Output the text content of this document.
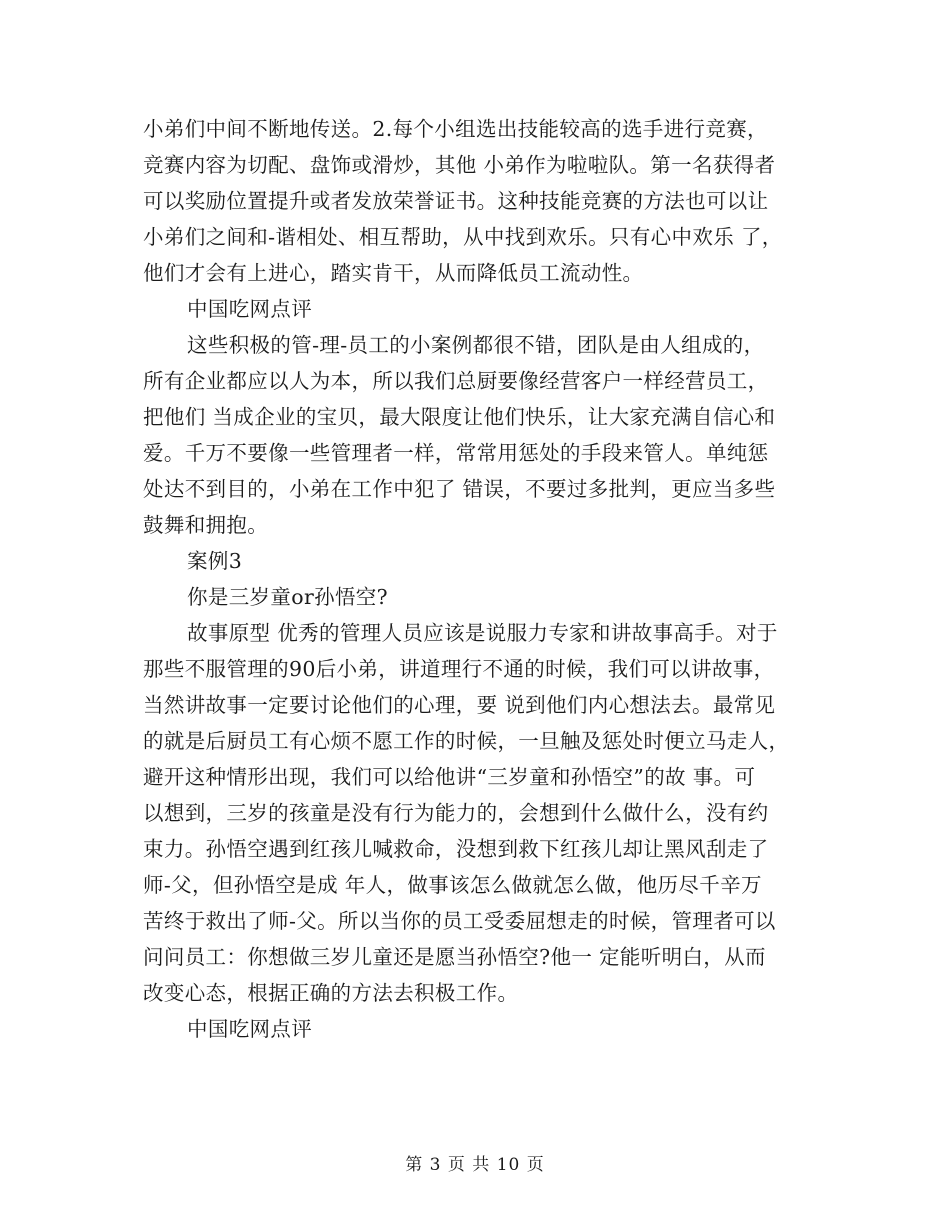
小弟们中间不断地传送。2.每个小组选出技能较高的选手进行竞赛，
竞赛内容为切配、盘饰或滑炒，其他 小弟作为啦啦队。第一名获得者
可以奖励位置提升或者发放荣誉证书。这种技能竞赛的方法也可以让
小弟们之间和-谐相处、相互帮助，从中找到欢乐。只有心中欢乐 了，
他们才会有上进心，踏实肯干，从而降低员工流动性。
中国吃网点评
这些积极的管-理-员工的小案例都很不错，团队是由人组成的，
所有企业都应以人为本，所以我们总厨要像经营客户一样经营员工，
把他们 当成企业的宝贝，最大限度让他们快乐，让大家充满自信心和
爱。千万不要像一些管理者一样，常常用惩处的手段来管人。单纯惩
处达不到目的，小弟在工作中犯了 错误，不要过多批判，更应当多些
鼓舞和拥抱。
案例3
你是三岁童or孙悟空?
故事原型 优秀的管理人员应该是说服力专家和讲故事高手。对于
那些不服管理的90后小弟，讲道理行不通的时候，我们可以讲故事，
当然讲故事一定要讨论他们的心理，要 说到他们内心想法去。最常见
的就是后厨员工有心烦不愿工作的时候，一旦触及惩处时便立马走人，
避开这种情形出现，我们可以给他讲“三岁童和孙悟空”的故 事。可
以想到，三岁的孩童是没有行为能力的，会想到什么做什么，没有约
束力。孙悟空遇到红孩儿喊救命，没想到救下红孩儿却让黑风刮走了
师-父，但孙悟空是成 年人，做事该怎么做就怎么做，他历尽千辛万
苦终于救出了师-父。所以当你的员工受委屈想走的时候，管理者可以
问问员工：你想做三岁儿童还是愿当孙悟空?他一 定能听明白，从而
改变心态，根据正确的方法去积极工作。
中国吃网点评
第 3 页 共 10 页
